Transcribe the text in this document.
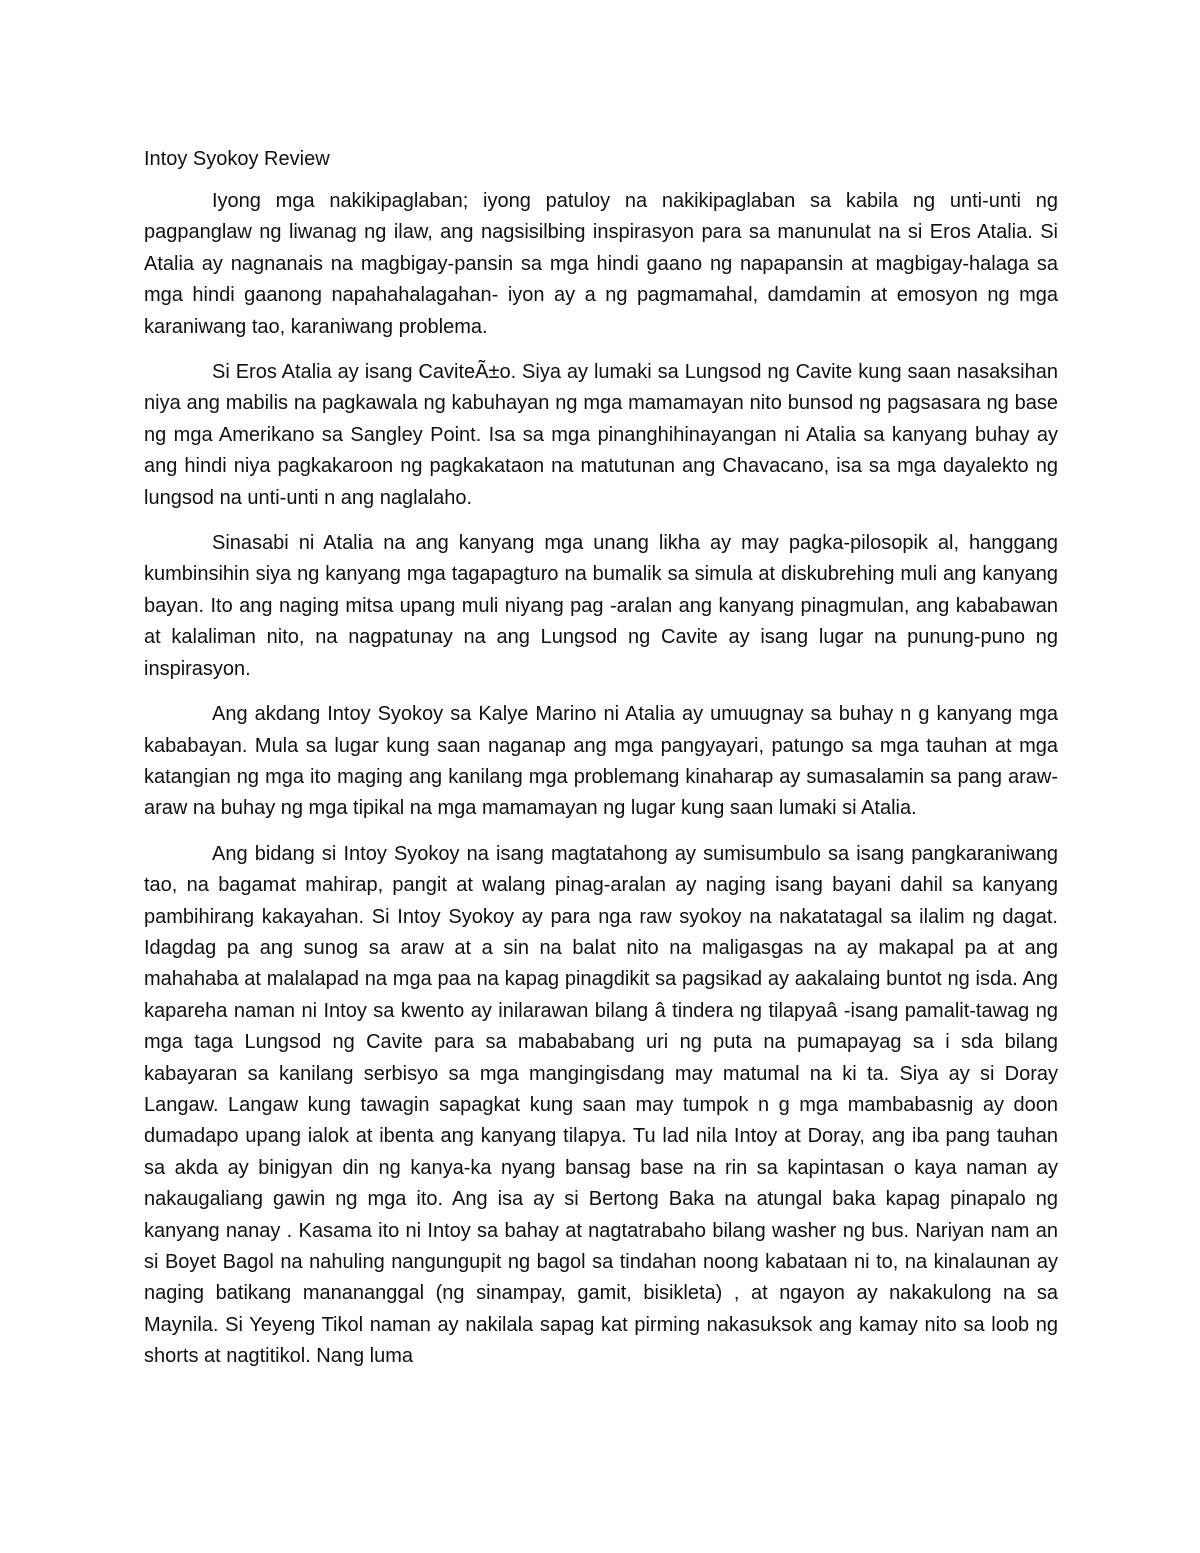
Intoy Syokoy Review

Iyong mga nakikipaglaban; iyong patuloy na nakikipaglaban sa kabila ng unti-unti ng pagpanglaw ng liwanag ng ilaw, ang nagsisilbing inspirasyon para sa manunulat na si Eros Atalia. Si Atalia ay nagnanais na magbigay-pansin sa mga hindi gaano ng napapansin at magbigay-halaga sa mga hindi gaanong napahahalagahan- iyon ay a ng pagmamahal, damdamin at emosyon ng mga karaniwang tao, karaniwang problema.

Si Eros Atalia ay isang CaviteÃ±o. Siya ay lumaki sa Lungsod ng Cavite kung saan nasaksihan niya ang mabilis na pagkawala ng kabuhayan ng mga mamamayan nito bunsod ng pagsasara ng base ng mga Amerikano sa Sangley Point. Isa sa mga pinanghihinayangan ni Atalia sa kanyang buhay ay ang hindi niya pagkakaroon ng pagkakataon na matutunan ang Chavacano, isa sa mga dayalekto ng lungsod na unti-unti n ang naglalaho.

Sinasabi ni Atalia na ang kanyang mga unang likha ay may pagka-pilosopik al, hanggang kumbinsihin siya ng kanyang mga tagapagturo na bumalik sa simula at diskubrehing muli ang kanyang bayan. Ito ang naging mitsa upang muli niyang pag -aralan ang kanyang pinagmulan, ang kababawan at kalaliman nito, na nagpatunay na ang Lungsod ng Cavite ay isang lugar na punung-puno ng inspirasyon.

Ang akdang Intoy Syokoy sa Kalye Marino ni Atalia ay umuugnay sa buhay n g kanyang mga kababayan. Mula sa lugar kung saan naganap ang mga pangyayari, patungo sa mga tauhan at mga katangian ng mga ito maging ang kanilang mga problemang kinaharap ay sumasalamin sa pang araw-araw na buhay ng mga tipikal na mga mamamayan ng lugar kung saan lumaki si Atalia.

Ang bidang si Intoy Syokoy na isang magtatahong ay sumisumbulo sa isang pangkaraniwang tao, na bagamat mahirap, pangit at walang pinag-aralan ay naging isang bayani dahil sa kanyang pambihirang kakayahan. Si Intoy Syokoy ay para nga raw syokoy na nakatatagal sa ilalim ng dagat. Idagdag pa ang sunog sa araw at a sin na balat nito na maligasgas na ay makapal pa at ang mahahaba at malalapad na mga paa na kapag pinagdikit sa pagsikad ay aakalaing buntot ng isda. Ang kapareha naman ni Intoy sa kwento ay inilarawan bilang â tindera ng tilapyaâ -isang pamalit-tawag ng mga taga Lungsod ng Cavite para sa mabababang uri ng puta na pumapayag sa i sda bilang kabayaran sa kanilang serbisyo sa mga mangingisdang may matumal na ki ta. Siya ay si Doray Langaw. Langaw kung tawagin sapagkat kung saan may tumpok n g mga mambabasnig ay doon dumadapo upang ialok at ibenta ang kanyang tilapya. Tu lad nila Intoy at Doray, ang iba pang tauhan sa akda ay binigyan din ng kanya-ka nyang bansag base na rin sa kapintasan o kaya naman ay nakaugaliang gawin ng mga ito. Ang isa ay si Bertong Baka na atungal baka kapag pinapalo ng kanyang nanay . Kasama ito ni Intoy sa bahay at nagtatrabaho bilang washer ng bus. Nariyan nam an si Boyet Bagol na nahuling nangungupit ng bagol sa tindahan noong kabataan ni to, na kinalaunan ay naging batikang manananggal (ng sinampay, gamit, bisikleta) , at ngayon ay nakakulong na sa Maynila. Si Yeyeng Tikol naman ay nakilala sapag kat pirming nakasuksok ang kamay nito sa loob ng shorts at nagtitikol. Nang luma
